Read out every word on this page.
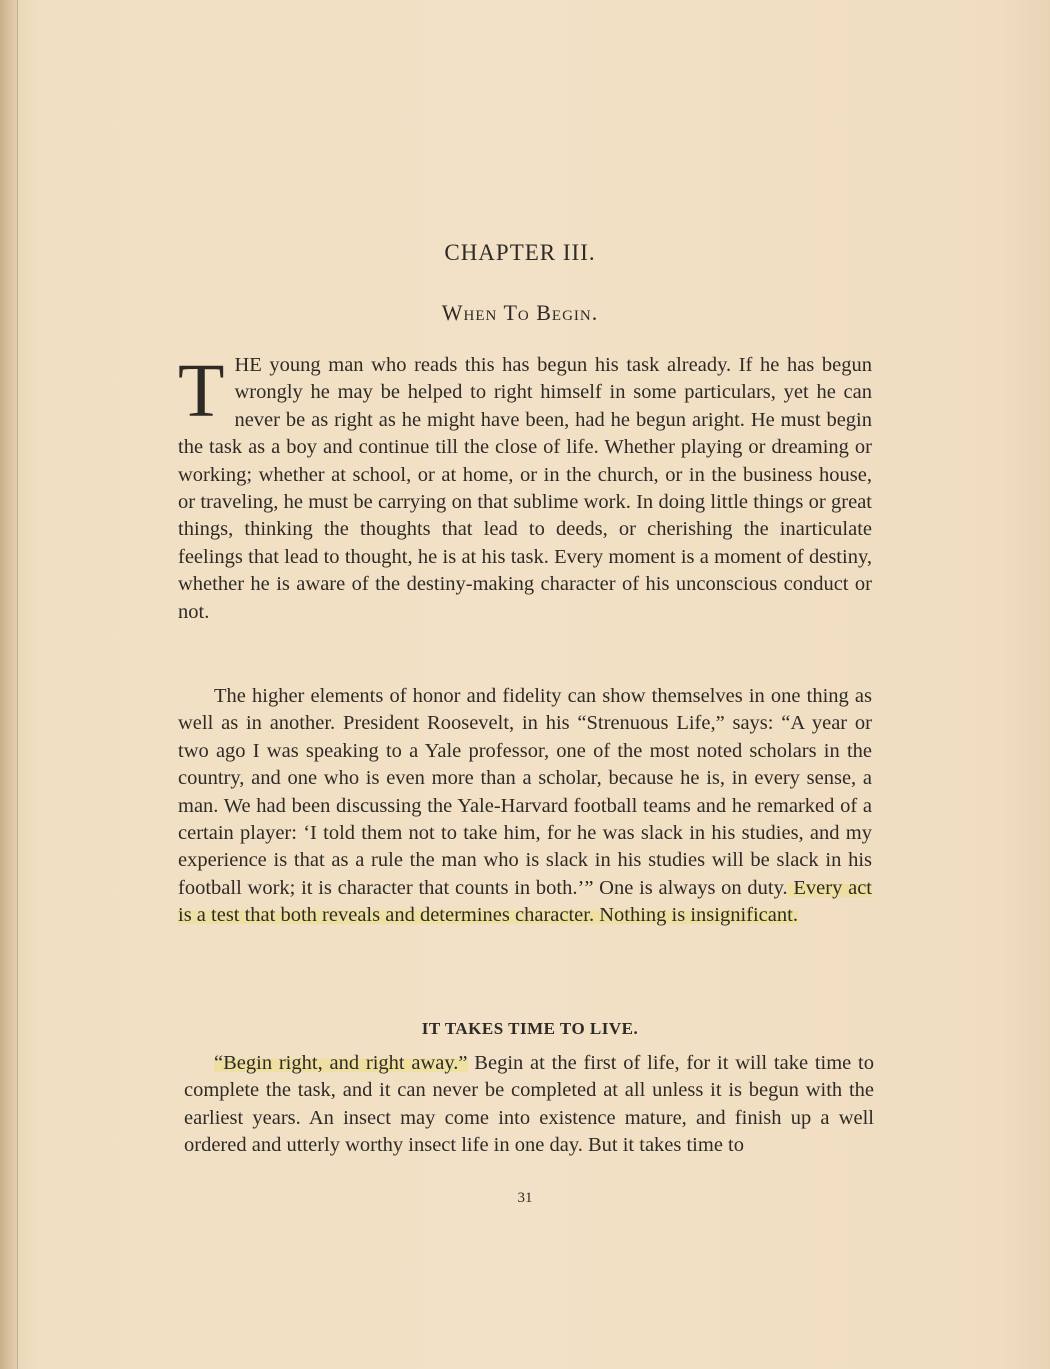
CHAPTER III.
When To Begin.
THE young man who reads this has begun his task already. If he has begun wrongly he may be helped to right himself in some particulars, yet he can never be as right as he might have been, had he begun aright. He must begin the task as a boy and continue till the close of life. Whether playing or dreaming or working; whether at school, or at home, or in the church, or in the business house, or traveling, he must be carrying on that sublime work. In doing little things or great things, thinking the thoughts that lead to deeds, or cherishing the inarticulate feelings that lead to thought, he is at his task. Every moment is a moment of destiny, whether he is aware of the destiny-making character of his unconscious conduct or not.
The higher elements of honor and fidelity can show themselves in one thing as well as in another. President Roosevelt, in his “Strenuous Life,” says: “A year or two ago I was speaking to a Yale professor, one of the most noted scholars in the country, and one who is even more than a scholar, because he is, in every sense, a man. We had been discussing the Yale-Harvard football teams and he remarked of a certain player: ‘I told them not to take him, for he was slack in his studies, and my experience is that as a rule the man who is slack in his studies will be slack in his football work; it is character that counts in both.’” One is always on duty. Every act is a test that both reveals and determines character. Nothing is insignificant.
IT TAKES TIME TO LIVE.
“Begin right, and right away.” Begin at the first of life, for it will take time to complete the task, and it can never be completed at all unless it is begun with the earliest years. An insect may come into existence mature, and finish up a well ordered and utterly worthy insect life in one day. But it takes time to
31
